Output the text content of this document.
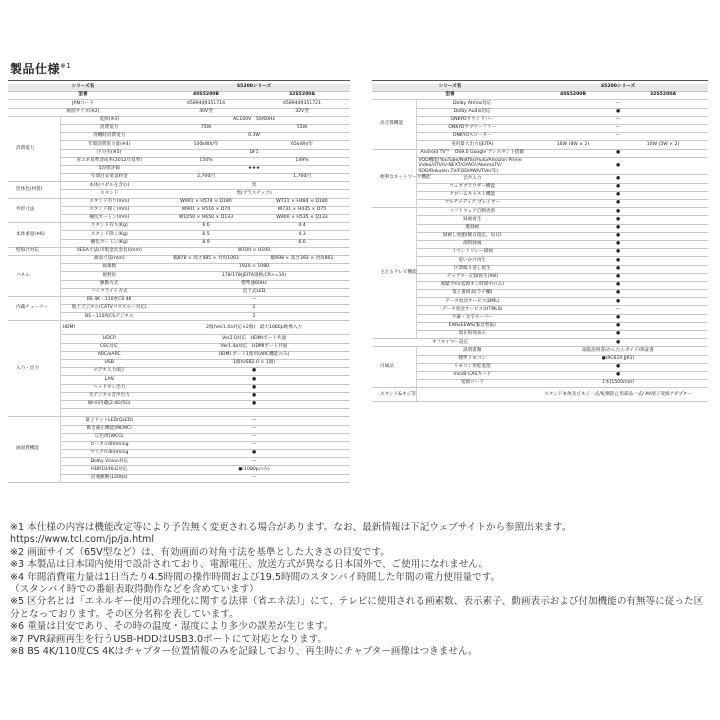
製品仕様$^{※1}$
シリーズ名		S5200シリーズ	
型番		40S5200B	32S5200A
JANコード		4589449351714	4589449351721
画面サイズ(※2)		40V型	32V型
消費電力	電源(※3)	AC100V　50/60Hz	
	消費電力	75W	55W
	待機時消費電力	0.3W	
	年間消費電力量(※4)	100kWh/年	65kWh/年
	区分名(※5)	DF1	
	省エネ基準達成率(2012年基準)	150%	149%
	5段階評価	★★★	
	年間目安電気料金	2,700円	1,760円
筐体色(材質)	本体(ベゼルを含む)	黒	
	スタンド	黒(プラスチック)	
外形寸法	スタンド有り(mm)	W901 × H574 × D180	W731 × H484 × D180
	スタンド除く(mm)	W901 × H516 × D74	W731 × H435 × D75
	梱包カートン(mm)	W1050 × H650 × D133	W800 × H535 × D133
本体重量(※6)	スタンド有り(Kg)	6.6	4.4
	スタンド除く(Kg)	6.5	4.3
	梱包カートン(Kg)	8.9	6.0
壁掛け対応	VESA寸法(市販金具金具)(mm)	W100 × H100	
パネル	画面寸法(mm)	幅878 × 高さ485 × 対角1003	幅698 × 高さ393 × 対角801
	画素数	1920 × 1080	
	視野角	178/178(JEITA規格,CR>=10)	
	駆動方式	標準速60Hz	
	バックライト方式	直下式LED	
内蔵チューナー	BS 4K・110度CS 4K	—	
	地上デジタル(CATVパススルー対応)	2	
	BS・110度CSデジタル	2	
入力・出力	HDMI	2個(Ver1.4a対応×2個)　最大1080p映像入力	
	HDCP	Ver2.0対応　HDMIポート共通	
	CEC対応	Ver1.4a対応　HDMIポート共通	
	ARC/eARC	HDMI ポート1使用(ARC機能のみ)	
	USB	1個(USB2.0 × 1個)	
	ビデオ入力端子	●	
	LAN	●	
	ヘッドホン出力	●	
	光デジタル音声出力	●	
	Wi-Fi内蔵(2.4G/5G)	●	

画面質機能	量子ドットLED(QLED)	—	
	動き補正機能(MEMC)	—	
	広色域(WCG)	—	
	ローカルdimming	—	
	マイクロdimming	●	
	Dolby Vision対応	—	
	HDR10/HLG対応	●(1080pのみ)	
	倍速駆動(120Hz)	—	
シリーズ名		S5200シリーズ	
型番		40S5200B	32S5200A
高音質機能	Dolby Atmos対応	—	
	Dolby Audio対応	●	
	ONKYOサウンドバー	—	
	ONKYOサブウーファー	—	
	ONKYOスピーカー	—	
	実用最大出力(JEITA)	16W (8W × 2)	10W (5W × 2)
便利なネットワーク機能	Android TV™　OS9.0 Google アシスタント搭載	●	
	VOD機能(YouTube/Netflix/Hulu/Amazon Prime Video/dTV/U-NEXT/GYAO!/AbemaTV/ SOD/Rakuten TV/FOD/AWA/TVer等)	●	
	音声入力	●	
	ウェブブラウザー機能	●	
	クロームキャスト機能	●	
	マルチメディア プレイヤー	●	
主たるテレビ機能	ソフトウェア自動更新	●	
	録画再生	●	
	裏録画	●	
	録画し放題(曜日指定、毎日)	●	
	部時録画	●	
	イベントリレー録画	●	
	追いかけ再生	●	
	区間繰り返し再生	●	
	チャプター記録再生(※8)	●	
	視聴予約(電源オン時間中のみ)	●	
	電子番組表(ラテ欄)	●	
	データ放送サービス(BML)	●	
	データ放送サービス(HTMLS)	—	
	字幕・文字スーパー	●	
	EWS/EEWS(緊急警報)	●	
	現在時刻表示	●	
オフタイマー設定		●	
付属品	説明書類	取扱説明書/かんたんガイド/保証書	
	標準リモコン	●(RC610 JJR1)	
	リモコン用乾電池	●	
	miniB-CASカード	●	
	電源コード	1本(1500mm)	
スタンド&ネジ等		スタンド本体及びネジ一式/転倒防止用部品一式/ AV端子変換アダプター	
※1 本仕様の内容は機能改定等により予告無く変更される場合があります。なお、最新情報は下記ウェブサイトから参照出来ます。
https://www.tcl.com/jp/ja.html
※2 画面サイズ（65V型など）は、有効画面の対角寸法を基準とした大きさの目安です。
※3 本製品は日本国内使用で設計されており、電源電圧、放送方式が異なる日本国外で、ご使用になれません。
※4 年間消費電力量は1日当たり4.5時間の操作時間および19.5時間のスタンバイ時間した年間の電力使用量です。
（スタンバイ時での番組表取得動作などを含めています）
※5 区分名とは「エネルギー使用の合理化に関する法律（省エネ法）」にて、テレビに使用される画素数、表示素子、動画表示および付加機能の有無等に従った区分となっております。その区分名称を表しています。
※6 重量は目安であり、その時の温度・湿度により多少の誤差が生じます。
※7 PVR録画再生を行うUSB-HDDはUSB3.0ポートにて対応となります。
※8 BS 4K/110度CS 4Kはチャプター位置情報のみを記録しており、再生時にチャプター画像はつきません。
